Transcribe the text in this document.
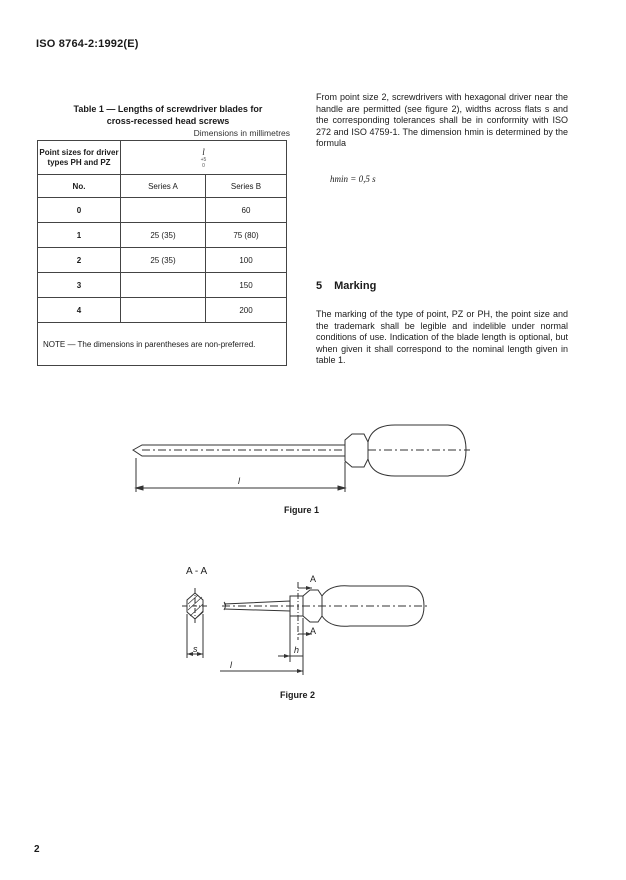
ISO 8764-2:1992(E)
Table 1 — Lengths of screwdriver blades for
cross-recessed head screws
Dimensions in millimetres
Point sizes for driver types PH and PZ	l
+5
0	

No.	Series A	Series B
0		60
1	25 (35)	75 (80)
2	25 (35)	100
3		150
4		200
NOTE — The dimensions in parentheses are non-preferred.		
From point size 2, screwdrivers with hexagonal driver near the handle are permitted (see figure 2), widths across flats s and the corresponding tolerances shall be in conformity with ISO 272 and ISO 4759-1. The dimension hmin is determined by the formula
hmin = 0,5 s
5 Marking
The marking of the type of point, PZ or PH, the point size and the trademark shall be legible and indelible under normal conditions of use. Indication of the blade length is optional, but when given it shall correspond to the nominal length given in table 1.
l
A - A
s
l
h
A
A
Figure 1
Figure 2
2
